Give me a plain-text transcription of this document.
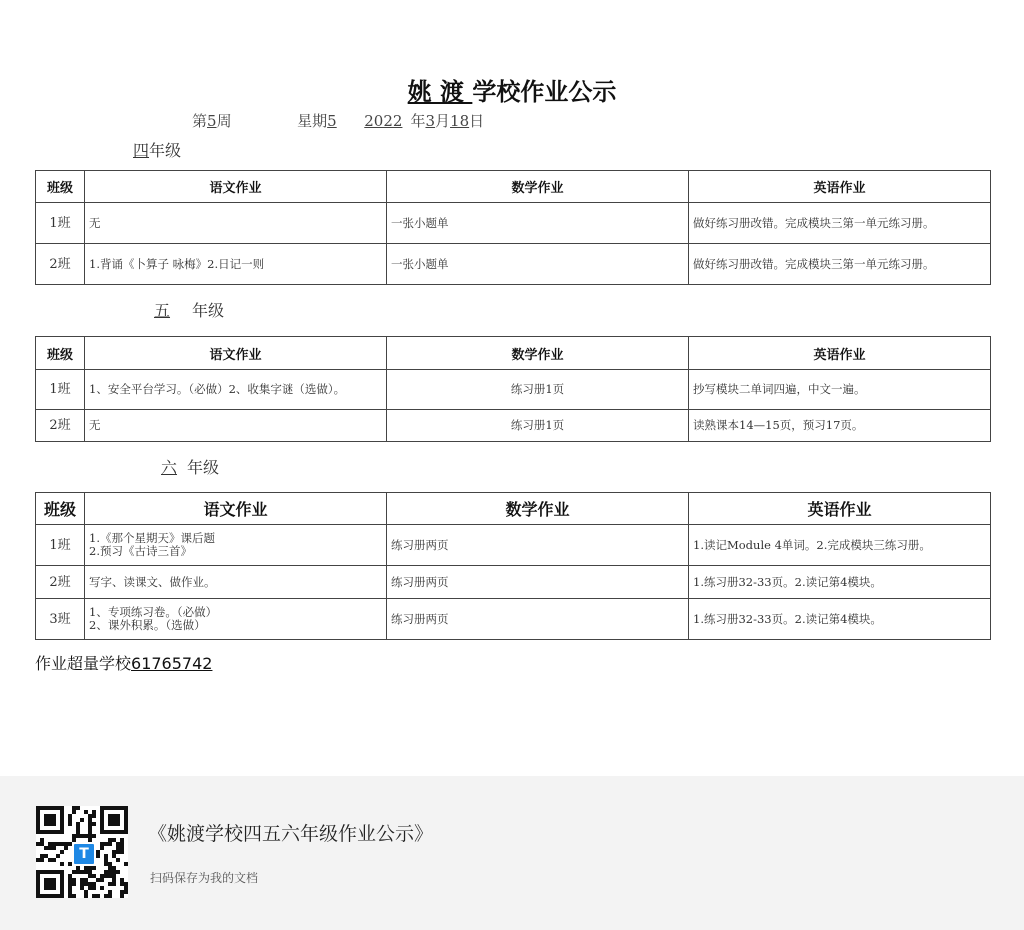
姚 渡 学校作业公示
第5周	星期5 2022 年3月18日
四年级
班级	语文作业	数学作业	英语作业
1班	无	一张小题单	做好练习册改错。完成模块三第一单元练习册。
2班	1.背诵《卜算子 咏梅》2.日记一则	一张小题单	做好练习册改错。完成模块三第一单元练习册。
五 年级
班级	语文作业	数学作业	英语作业
1班	1、安全平台学习。（必做）2、收集字谜（选做）。	练习册1页	抄写模块二单词四遍，中文一遍。
2班	无	练习册1页	读熟课本14—15页，预习17页。
六 年级
班级	语文作业	数学作业	英语作业
1班	1.《那个星期天》课后题
2.预习《古诗三首》	练习册两页	1.读记Module 4单词。2.完成模块三练习册。
2班	写字、读课文、做作业。	练习册两页	1.练习册32-33页。2.读记第4模块。
3班	1、专项练习卷。（必做）
2、课外积累。（选做）	练习册两页	1.练习册32-33页。2.读记第4模块。
作业超量学校61765742
T
《姚渡学校四五六年级作业公示》
扫码保存为我的文档
